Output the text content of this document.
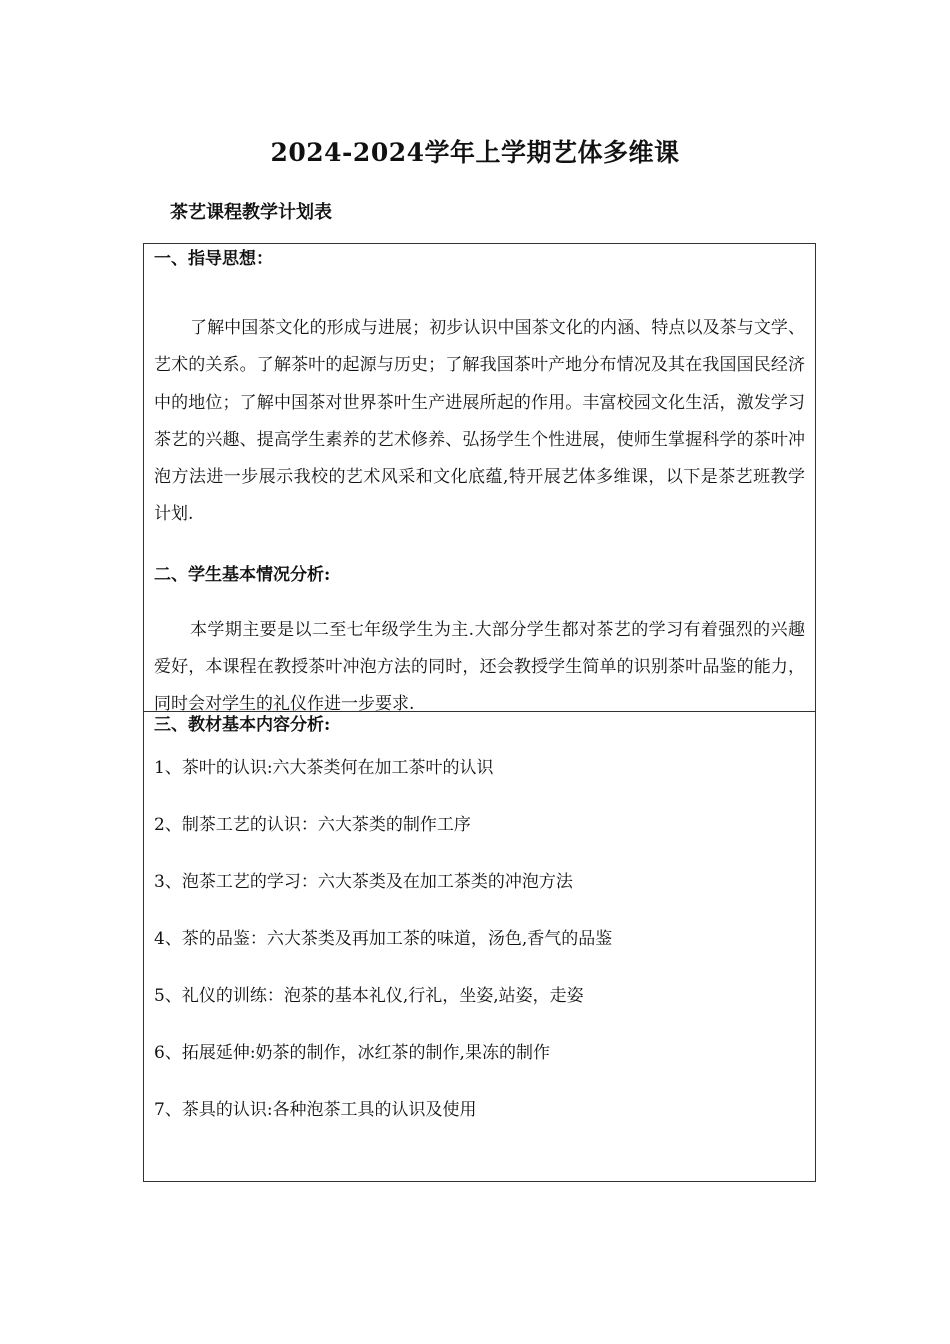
2024-2024学年上学期艺体多维课
茶艺课程教学计划表

一、指导思想：

了解中国茶文化的形成与进展；初步认识中国茶文化的内涵、特点以及茶与文学、艺术的关系。了解茶叶的起源与历史；了解我国茶叶产地分布情况及其在我国国民经济中的地位；了解中国茶对世界茶叶生产进展所起的作用。丰富校园文化生活，激发学习茶艺的兴趣、提高学生素养的艺术修养、弘扬学生个性进展，使师生掌握科学的茶叶冲泡方法进一步展示我校的艺术风采和文化底蕴,特开展艺体多维课，以下是茶艺班教学计划.

二、学生基本情况分析:

本学期主要是以二至七年级学生为主.大部分学生都对茶艺的学习有着强烈的兴趣爱好，本课程在教授茶叶冲泡方法的同时，还会教授学生简单的识别茶叶品鉴的能力，同时会对学生的礼仪作进一步要求.

三、教材基本内容分析:

1、茶叶的认识:六大茶类何在加工茶叶的认识

2、制茶工艺的认识：六大茶类的制作工序

3、泡茶工艺的学习：六大茶类及在加工茶类的冲泡方法

4、茶的品鉴：六大茶类及再加工茶的味道，汤色,香气的品鉴

5、礼仪的训练：泡茶的基本礼仪,行礼，坐姿,站姿，走姿

6、拓展延伸:奶茶的制作，冰红茶的制作,果冻的制作

7、茶具的认识:各种泡茶工具的认识及使用
